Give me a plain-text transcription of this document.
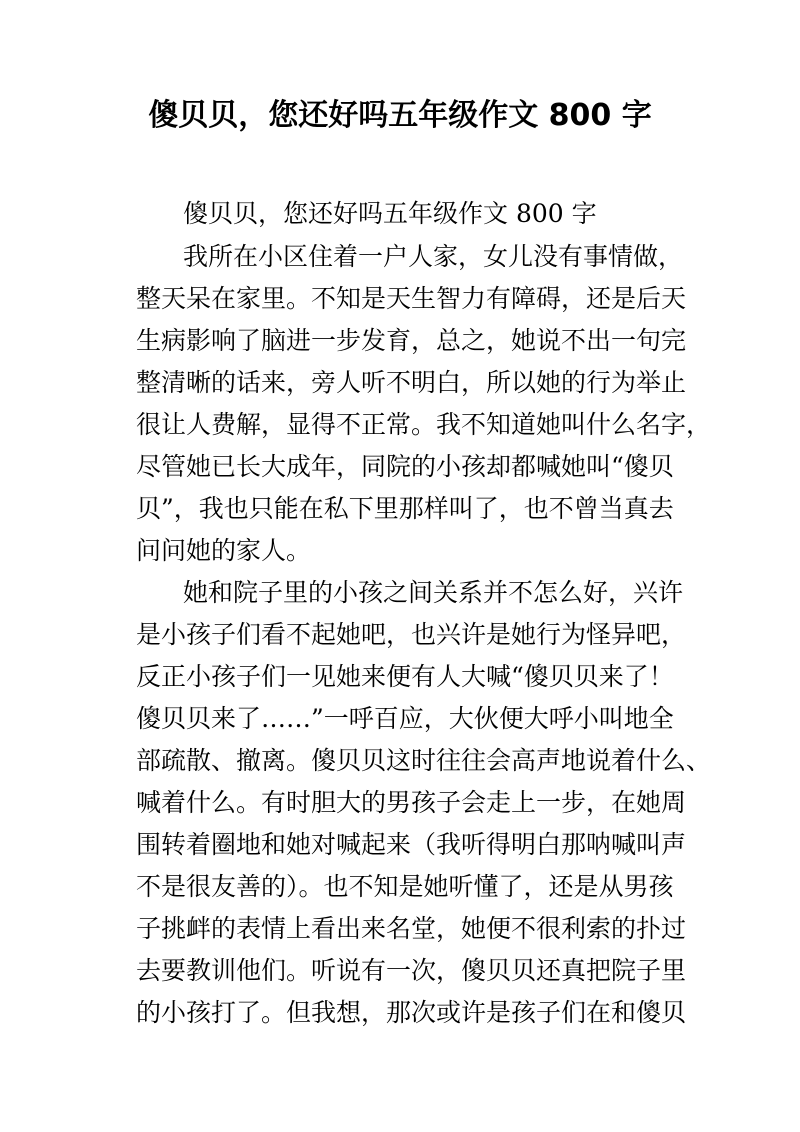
傻贝贝，您还好吗五年级作文 800 字
傻贝贝，您还好吗五年级作文 800 字
我所在小区住着一户人家，女儿没有事情做，
整天呆在家里。不知是天生智力有障碍，还是后天
生病影响了脑进一步发育，总之，她说不出一句完
整清晰的话来，旁人听不明白，所以她的行为举止
很让人费解，显得不正常。我不知道她叫什么名字，
尽管她已长大成年，同院的小孩却都喊她叫“傻贝
贝”，我也只能在私下里那样叫了，也不曾当真去
问问她的家人。
她和院子里的小孩之间关系并不怎么好，兴许
是小孩子们看不起她吧，也兴许是她行为怪异吧，
反正小孩子们一见她来便有人大喊“傻贝贝来了！
傻贝贝来了……”一呼百应，大伙便大呼小叫地全
部疏散、撤离。傻贝贝这时往往会高声地说着什么、
喊着什么。有时胆大的男孩子会走上一步，在她周
围转着圈地和她对喊起来（我听得明白那呐喊叫声
不是很友善的）。也不知是她听懂了，还是从男孩
子挑衅的表情上看出来名堂，她便不很利索的扑过
去要教训他们。听说有一次，傻贝贝还真把院子里
的小孩打了。但我想，那次或许是孩子们在和傻贝
